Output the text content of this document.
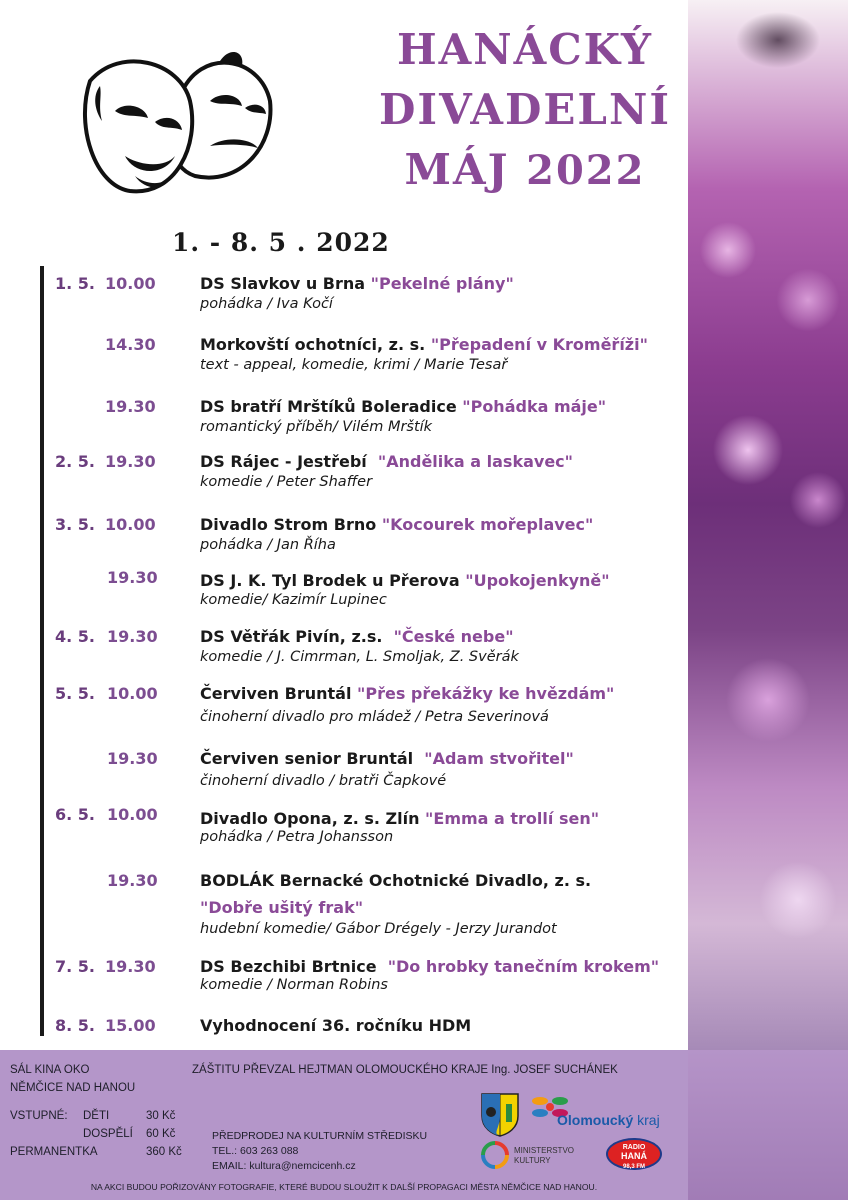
HANÁCKÝ
DIVADELNÍ
MÁJ 2022
1. - 8. 5 . 2022
1. 5. 10.00	DS Slavkov u Brna "Pekelné plány"
pohádka / Iva Kočí
14.30	Morkovští ochotníci, z. s. "Přepadení v Kroměříži"
text - appeal, komedie, krimi / Marie Tesař
19.30	DS bratří Mrštíků Boleradice "Pohádka máje"
romantický příběh/ Vilém Mrštík
2. 5. 19.30	DS Rájec - Jestřebí "Andělika a laskavec"
komedie / Peter Shaffer
3. 5. 10.00	Divadlo Strom Brno "Kocourek mořeplavec"
pohádka / Jan Říha
19.30	DS J. K. Tyl Brodek u Přerova "Upokojenkyně"
komedie/ Kazimír Lupinec
4. 5. 19.30	DS Větřák Pivín, z.s. "České nebe"
komedie / J. Cimrman, L. Smoljak, Z. Svěrák
5. 5. 10.00	Červiven Bruntál "Přes překážky ke hvězdám"
činoherní divadlo pro mládež / Petra Severinová
19.30	Červiven senior Bruntál "Adam stvořitel"
činoherní divadlo / bratři Čapkové
6. 5. 10.00	Divadlo Opona, z. s. Zlín "Emma a trollí sen"
pohádka / Petra Johansson
19.30	BODLÁK Bernacké Ochotnické Divadlo, z. s.
"Dobře ušitý frak"
hudební komedie/ Gábor Drégely - Jerzy Jurandot
7. 5. 19.30	DS Bezchibi Brtnice "Do hrobky tanečním krokem"
komedie / Norman Robins
8. 5. 15.00	Vyhodnocení 36. ročníku HDM
SÁL KINA OKO
NĚMČICE NAD HANOU
ZÁŠTITU PŘEVZAL HEJTMAN OLOMOUCKÉHO KRAJE Ing. JOSEF SUCHÁNEK
VSTUPNÉ: DĚTI	30 Kč
DOSPĚLÍ 60 Kč
PERMANENTKA	360 Kč
PŘEDPRODEJ NA KULTURNÍM STŘEDISKU
TEL.: 603 263 088
EMAIL: kultura@nemcicenh.cz
Olomoucký kraj
MINISTERSTVO
KULTURY
RADIO
HANÁ
98,3 FM
NA AKCI BUDOU POŘIZOVÁNY FOTOGRAFIE, KTERÉ BUDOU SLOUŽIT K DALŠÍ PROPAGACI MĚSTA NĚMČICE NAD HANOU.
